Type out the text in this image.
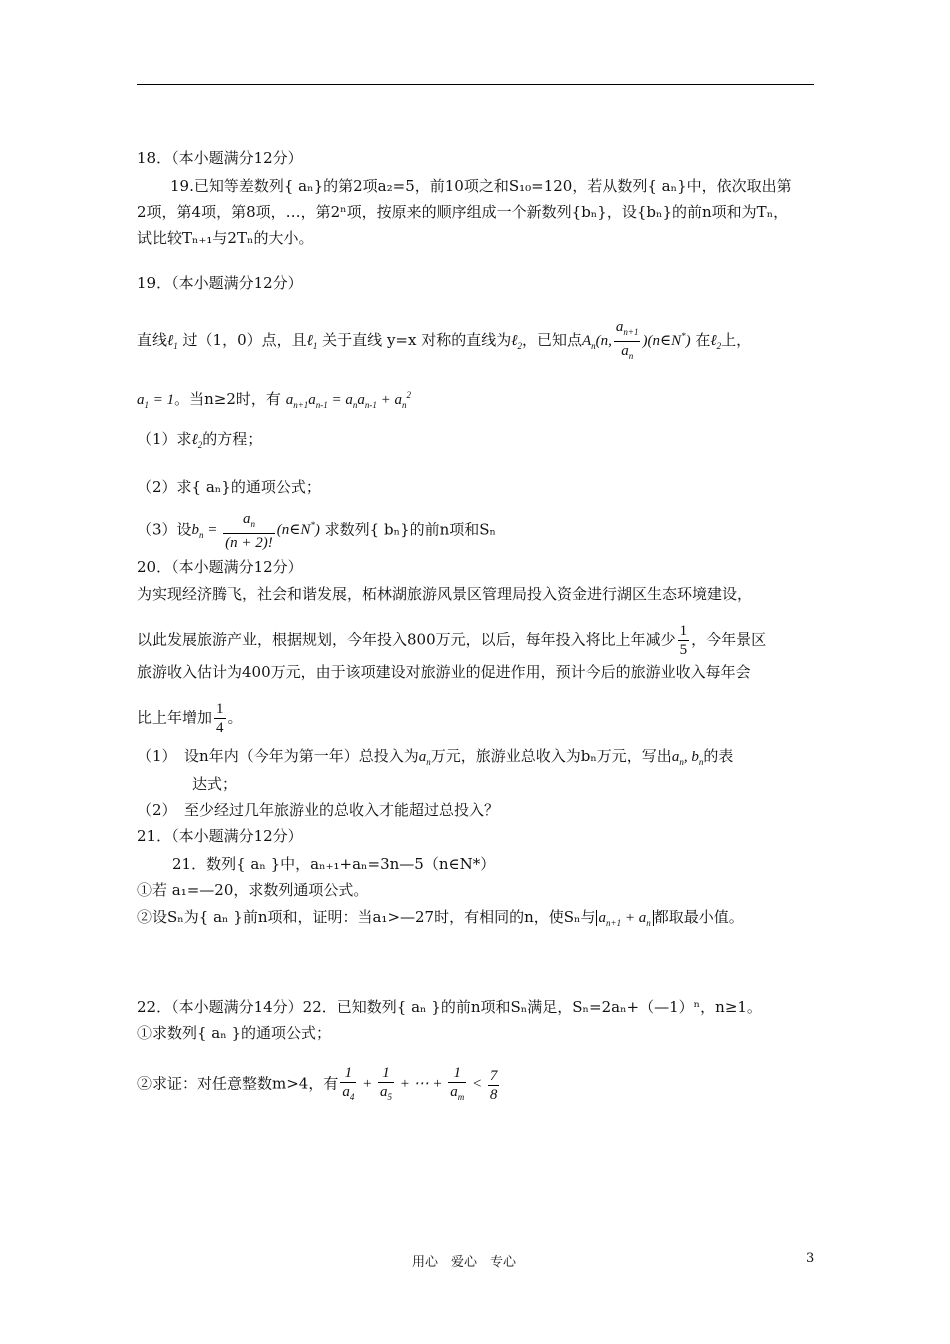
18．（本小题满分12分）
19.已知等差数列{ aₙ}的第2项a₂=5，前10项之和S₁₀=120，若从数列{ aₙ}中，依次取出第
2项，第4项，第8项，…，第2ⁿ项，按原来的顺序组成一个新数列{bₙ}，设{bₙ}的前n项和为Tₙ，
试比较Tₙ₊₁与2Tₙ的大小。
19．（本小题满分12分）
直线ℓ$_1$ 过（1，0）点，且ℓ$_1$ 关于直线 y=x 对称的直线为ℓ$_2$，已知点$A_n(n$, $\frac{a_{n+1}}{a_n}$ )(n∈N*) 在ℓ$_2$上，
$a_1 = 1$。当n≥2时，有 $a_{n+1}a_{n-1} = a_na_{n-1} + a_n^2$
（1）求ℓ$_2$的方程；
（2）求{ aₙ}的通项公式；
（3）设$b_n = \frac{a_n}{(n + 2)!}$ (n∈N*) 求数列{ bₙ}的前n项和Sₙ
20．（本小题满分12分）
为实现经济腾飞，社会和谐发展，柘林湖旅游风景区管理局投入资金进行湖区生态环境建设，
以此发展旅游产业，根据规划，今年投入800万元，以后，每年投入将比上年减少 $\frac{1}{5}$ ，今年景区
旅游收入估计为400万元，由于该项建设对旅游业的促进作用，预计今后的旅游业收入每年会
比上年增加 $\frac{1}{4}$ 。
（1）　设n年内（今年为第一年）总投入为$a_n$万元，旅游业总收入为bₙ万元，写出$a_n$, $b_n$的表
达式；
（2）　至少经过几年旅游业的总收入才能超过总投入？
21．（本小题满分12分）
21．数列{ aₙ }中，aₙ₊₁+aₙ=3n—5（n∈N*）
①若 a₁=—20，求数列通项公式。
②设Sₙ为{ aₙ }前n项和，证明：当a₁>—27时，有相同的n，使Sₙ与 $a_{n+1} + a_n$ 都取最小值。
22．（本小题满分14分）22．已知数列{ aₙ }的前n项和Sₙ满足，Sₙ=2aₙ+（—1）ⁿ，n≥1。
①求数列{ aₙ }的通项公式；
②求证：对任意整数m>4，有 $\frac{1}{a_4} + \frac{1}{a_5}$ + ⋯ + $\frac{1}{a_m} < \frac{7}{8}$
用心　爱心　专心	3
